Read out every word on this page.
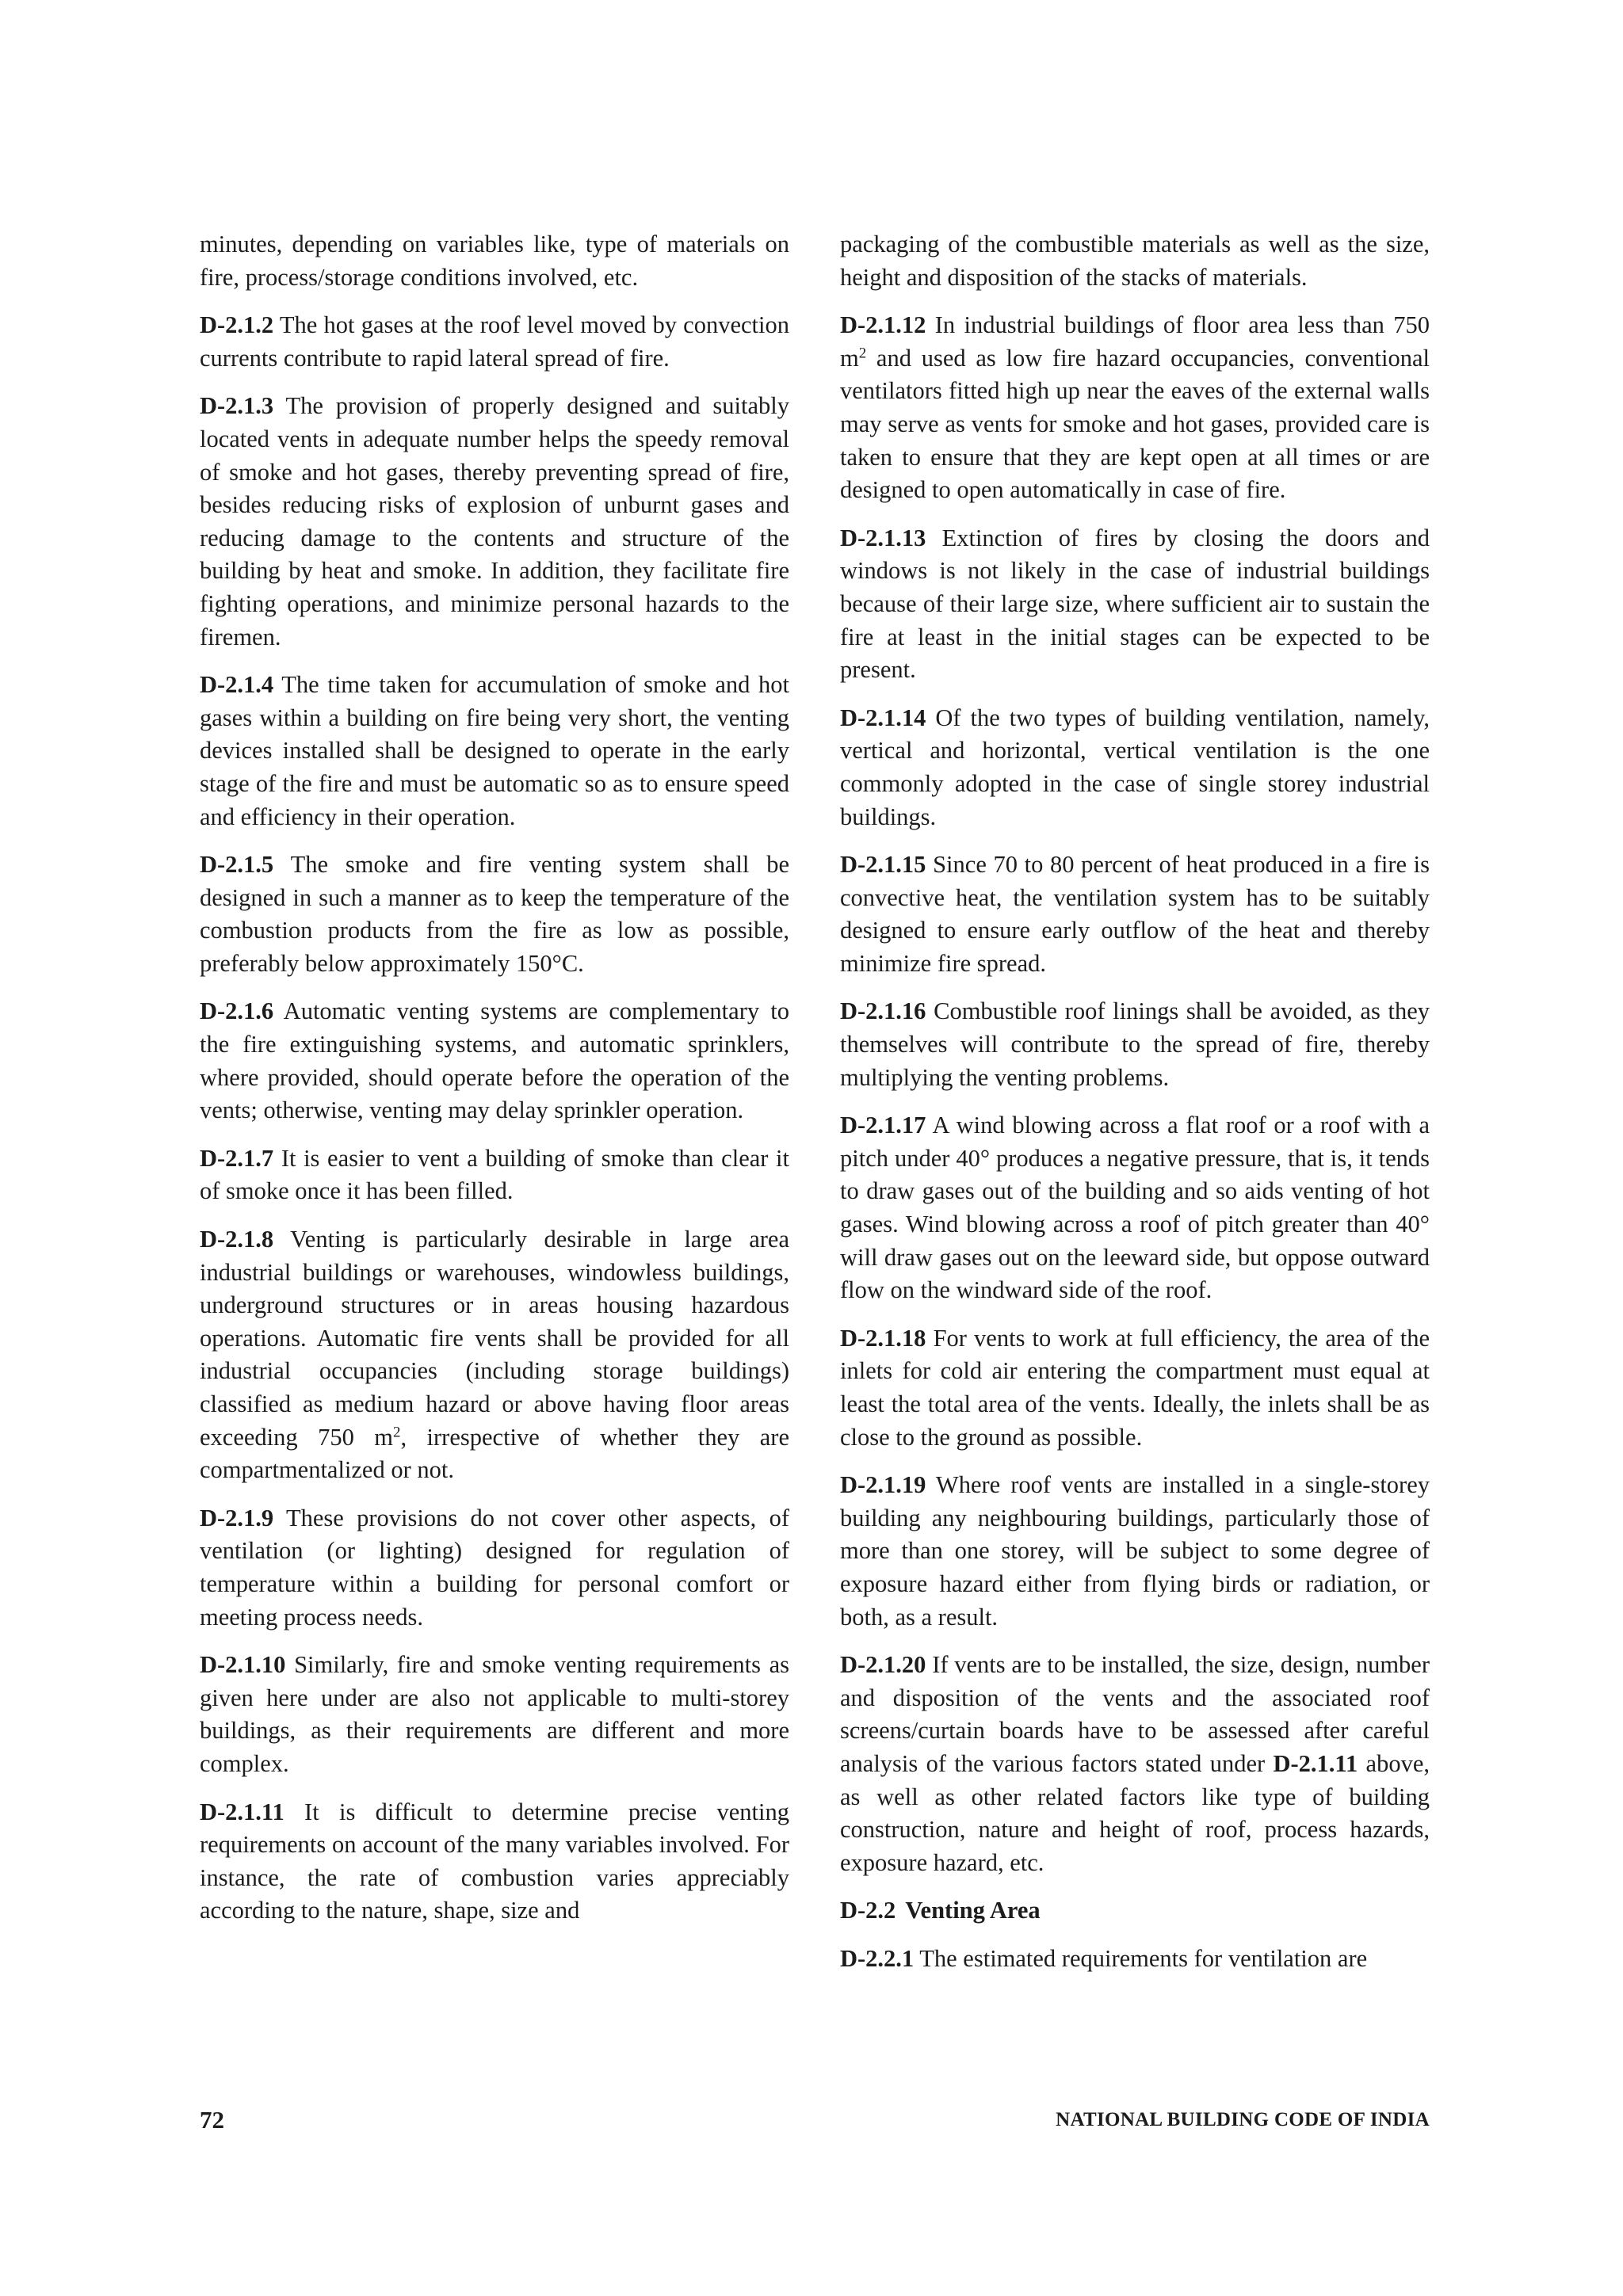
minutes, depending on variables like, type of materials on fire, process/storage conditions involved, etc.

D-2.1.2 The hot gases at the roof level moved by convection currents contribute to rapid lateral spread of fire.

D-2.1.3 The provision of properly designed and suitably located vents in adequate number helps the speedy removal of smoke and hot gases, thereby preventing spread of fire, besides reducing risks of explosion of unburnt gases and reducing damage to the contents and structure of the building by heat and smoke. In addition, they facilitate fire fighting operations, and minimize personal hazards to the firemen.

D-2.1.4 The time taken for accumulation of smoke and hot gases within a building on fire being very short, the venting devices installed shall be designed to operate in the early stage of the fire and must be automatic so as to ensure speed and efficiency in their operation.

D-2.1.5 The smoke and fire venting system shall be designed in such a manner as to keep the temperature of the combustion products from the fire as low as possible, preferably below approximately 150°C.

D-2.1.6 Automatic venting systems are complementary to the fire extinguishing systems, and automatic sprinklers, where provided, should operate before the operation of the vents; otherwise, venting may delay sprinkler operation.

D-2.1.7 It is easier to vent a building of smoke than clear it of smoke once it has been filled.

D-2.1.8 Venting is particularly desirable in large area industrial buildings or warehouses, windowless buildings, underground structures or in areas housing hazardous operations. Automatic fire vents shall be provided for all industrial occupancies (including storage buildings) classified as medium hazard or above having floor areas exceeding 750 $m^2$, irrespective of whether they are compartmentalized or not.

D-2.1.9 These provisions do not cover other aspects, of ventilation (or lighting) designed for regulation of temperature within a building for personal comfort or meeting process needs.

D-2.1.10 Similarly, fire and smoke venting requirements as given here under are also not applicable to multi-storey buildings, as their requirements are different and more complex.

D-2.1.11 It is difficult to determine precise venting requirements on account of the many variables involved. For instance, the rate of combustion varies appreciably according to the nature, shape, size and

packaging of the combustible materials as well as the size, height and disposition of the stacks of materials.

D-2.1.12 In industrial buildings of floor area less than 750 $m^2$ and used as low fire hazard occupancies, conventional ventilators fitted high up near the eaves of the external walls may serve as vents for smoke and hot gases, provided care is taken to ensure that they are kept open at all times or are designed to open automatically in case of fire.

D-2.1.13 Extinction of fires by closing the doors and windows is not likely in the case of industrial buildings because of their large size, where sufficient air to sustain the fire at least in the initial stages can be expected to be present.

D-2.1.14 Of the two types of building ventilation, namely, vertical and horizontal, vertical ventilation is the one commonly adopted in the case of single storey industrial buildings.

D-2.1.15 Since 70 to 80 percent of heat produced in a fire is convective heat, the ventilation system has to be suitably designed to ensure early outflow of the heat and thereby minimize fire spread.

D-2.1.16 Combustible roof linings shall be avoided, as they themselves will contribute to the spread of fire, thereby multiplying the venting problems.

D-2.1.17 A wind blowing across a flat roof or a roof with a pitch under 40° produces a negative pressure, that is, it tends to draw gases out of the building and so aids venting of hot gases. Wind blowing across a roof of pitch greater than 40° will draw gases out on the leeward side, but oppose outward flow on the windward side of the roof.

D-2.1.18 For vents to work at full efficiency, the area of the inlets for cold air entering the compartment must equal at least the total area of the vents. Ideally, the inlets shall be as close to the ground as possible.

D-2.1.19 Where roof vents are installed in a single-storey building any neighbouring buildings, particularly those of more than one storey, will be subject to some degree of exposure hazard either from flying birds or radiation, or both, as a result.

D-2.1.20 If vents are to be installed, the size, design, number and disposition of the vents and the associated roof screens/curtain boards have to be assessed after careful analysis of the various factors stated under D-2.1.11 above, as well as other related factors like type of building construction, nature and height of roof, process hazards, exposure hazard, etc.

D-2.2 Venting Area

D-2.2.1 The estimated requirements for ventilation are

72	NATIONAL BUILDING CODE OF INDIA
